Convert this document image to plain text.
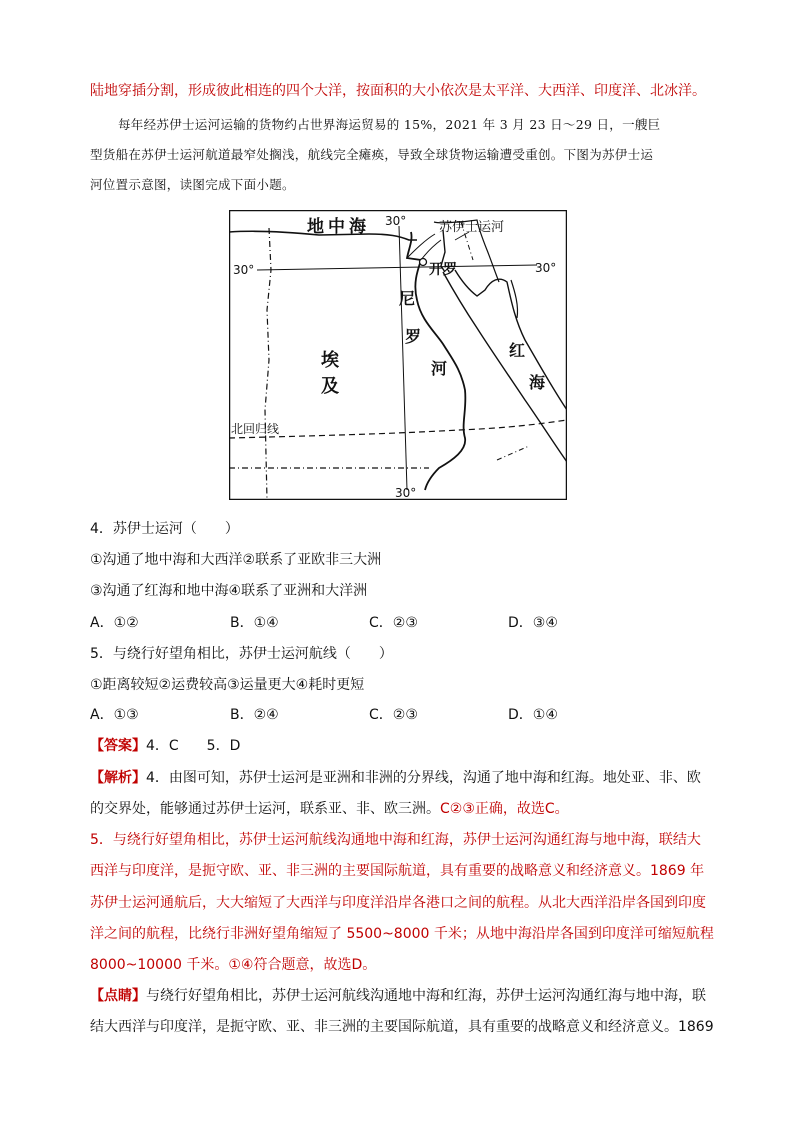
陆地穿插分割，形成彼此相连的四个大洋，按面积的大小依次是太平洋、大西洋、印度洋、北冰洋。
每年经苏伊士运河运输的货物约占世界海运贸易的 15%，2021 年 3 月 23 日～29 日，一艘巨
型货船在苏伊士运河航道最窄处搁浅，航线完全瘫痪，导致全球货物运输遭受重创。下图为苏伊士运
河位置示意图，读图完成下面小题。
地中海	苏伊士运河
开罗
埃
及
尼
罗
河
红
海
北回归线
30°	30°
30°
30°
4．苏伊士运河（　　）
①沟通了地中海和大西洋②联系了亚欧非三大洲
③沟通了红海和地中海④联系了亚洲和大洋洲
A．①②	B．①④	C．②③	D．③④
5．与绕行好望角相比，苏伊士运河航线（　　）
①距离较短②运费较高③运量更大④耗时更短
A．①③	B．②④	C．②③	D．①④
【答案】4．C　　5．D
【解析】4．由图可知，苏伊士运河是亚洲和非洲的分界线，沟通了地中海和红海。地处亚、非、欧
的交界处，能够通过苏伊士运河，联系亚、非、欧三洲。C②③正确，故选C。
5．与绕行好望角相比，苏伊士运河航线沟通地中海和红海，苏伊士运河沟通红海与地中海，联结大
西洋与印度洋，是扼守欧、亚、非三洲的主要国际航道，具有重要的战略意义和经济意义。1869 年
苏伊士运河通航后，大大缩短了大西洋与印度洋沿岸各港口之间的航程。从北大西洋沿岸各国到印度
洋之间的航程，比绕行非洲好望角缩短了 5500~8000 千米；从地中海沿岸各国到印度洋可缩短航程
8000~10000 千米。①④符合题意，故选D。
【点睛】与绕行好望角相比，苏伊士运河航线沟通地中海和红海，苏伊士运河沟通红海与地中海，联
结大西洋与印度洋，是扼守欧、亚、非三洲的主要国际航道，具有重要的战略意义和经济意义。1869
